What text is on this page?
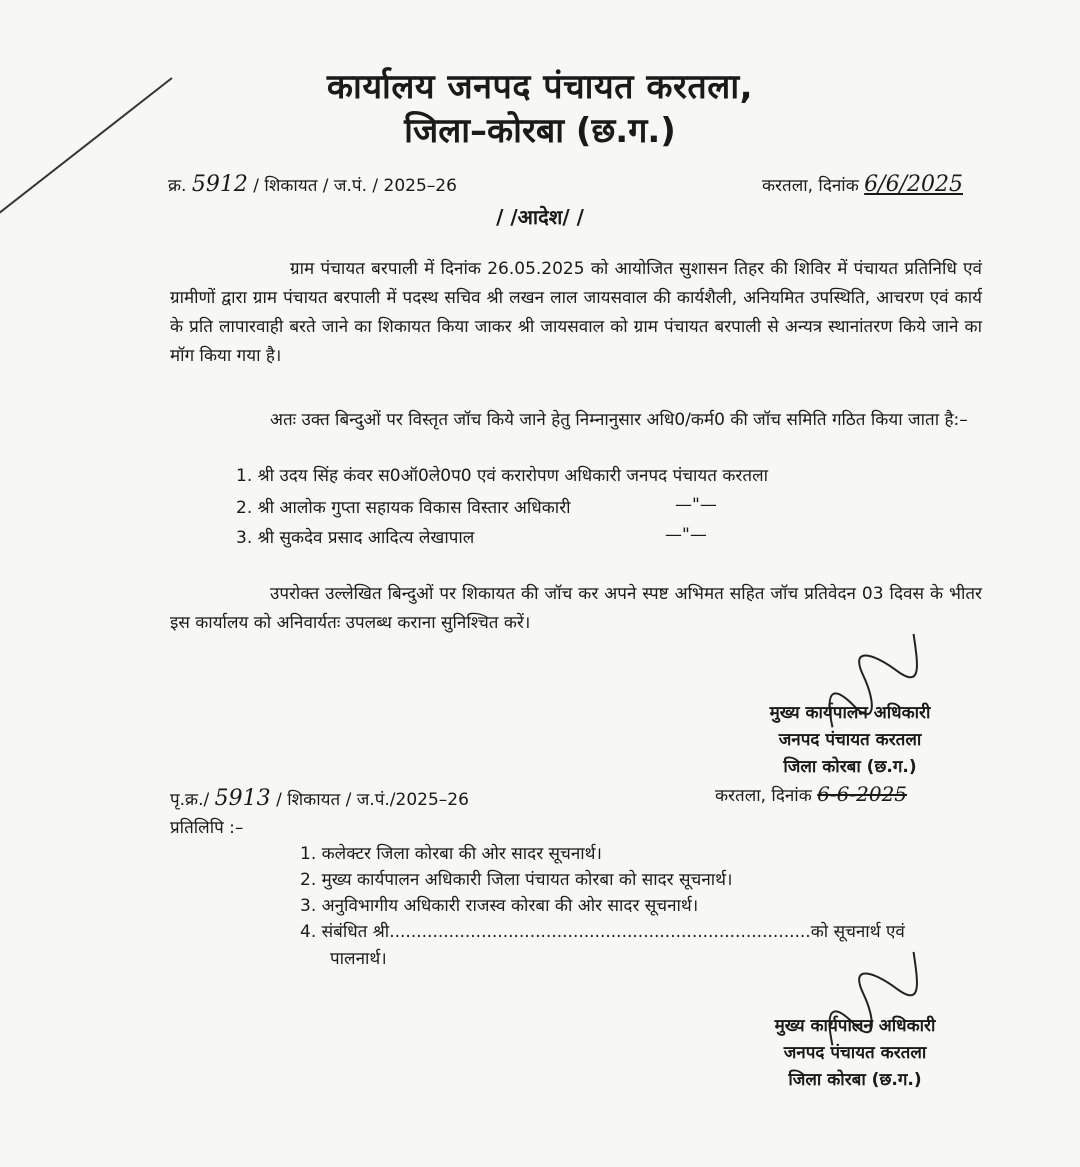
कार्यालय जनपद पंचायत करतला,
जिला–कोरबा (छ.ग.)
क्र. 5912 / शिकायत / ज.पं. / 2025–26	करतला, दिनांक 6/6/2025
/ /आदेश/ /
ग्राम पंचायत बरपाली में दिनांक 26.05.2025 को आयोजित सुशासन तिहर की शिविर में पंचायत प्रतिनिधि एवं ग्रामीणों द्वारा ग्राम पंचायत बरपाली में पदस्थ सचिव श्री लखन लाल जायसवाल की कार्यशैली, अनियमित उपस्थिति, आचरण एवं कार्य के प्रति लापारवाही बरते जाने का शिकायत किया जाकर श्री जायसवाल को ग्राम पंचायत बरपाली से अन्यत्र स्थानांतरण किये जाने का मॉग किया गया है।
अतः उक्त बिन्दुओं पर विस्तृत जॉच किये जाने हेतु निम्नानुसार अधि0/कर्म0 की जॉच समिति गठित किया जाता है:–
1. श्री उदय सिंह कंवर स0ऑ0ले0प0 एवं करारोपण अधिकारी जनपद पंचायत करतला
2. श्री आलोक गुप्ता सहायक विकास विस्तार अधिकारी	—"—
3. श्री सुकदेव प्रसाद आदित्य लेखापाल	—"—
उपरोक्त उल्लेखित बिन्दुओं पर शिकायत की जॉच कर अपने स्पष्ट अभिमत सहित जॉच प्रतिवेदन 03 दिवस के भीतर इस कार्यालय को अनिवार्यतः उपलब्ध कराना सुनिश्चित करें।
मुख्य कार्यपालन अधिकारी
जनपद पंचायत करतला
जिला कोरबा (छ.ग.)
पृ.क्र./ 5913 / शिकायत / ज.पं./2025–26	करतला, दिनांक 6-6-2025
प्रतिलिपि :–
1. कलेक्टर जिला कोरबा की ओर सादर सूचनार्थ।
2. मुख्य कार्यपालन अधिकारी जिला पंचायत कोरबा को सादर सूचनार्थ।
3. अनुविभागीय अधिकारी राजस्व कोरबा की ओर सादर सूचनार्थ।
4. संबंधित श्री..............................................................................को सूचनार्थ एवं
पालनार्थ।
मुख्य कार्यपालन अधिकारी
जनपद पंचायत करतला
जिला कोरबा (छ.ग.)
